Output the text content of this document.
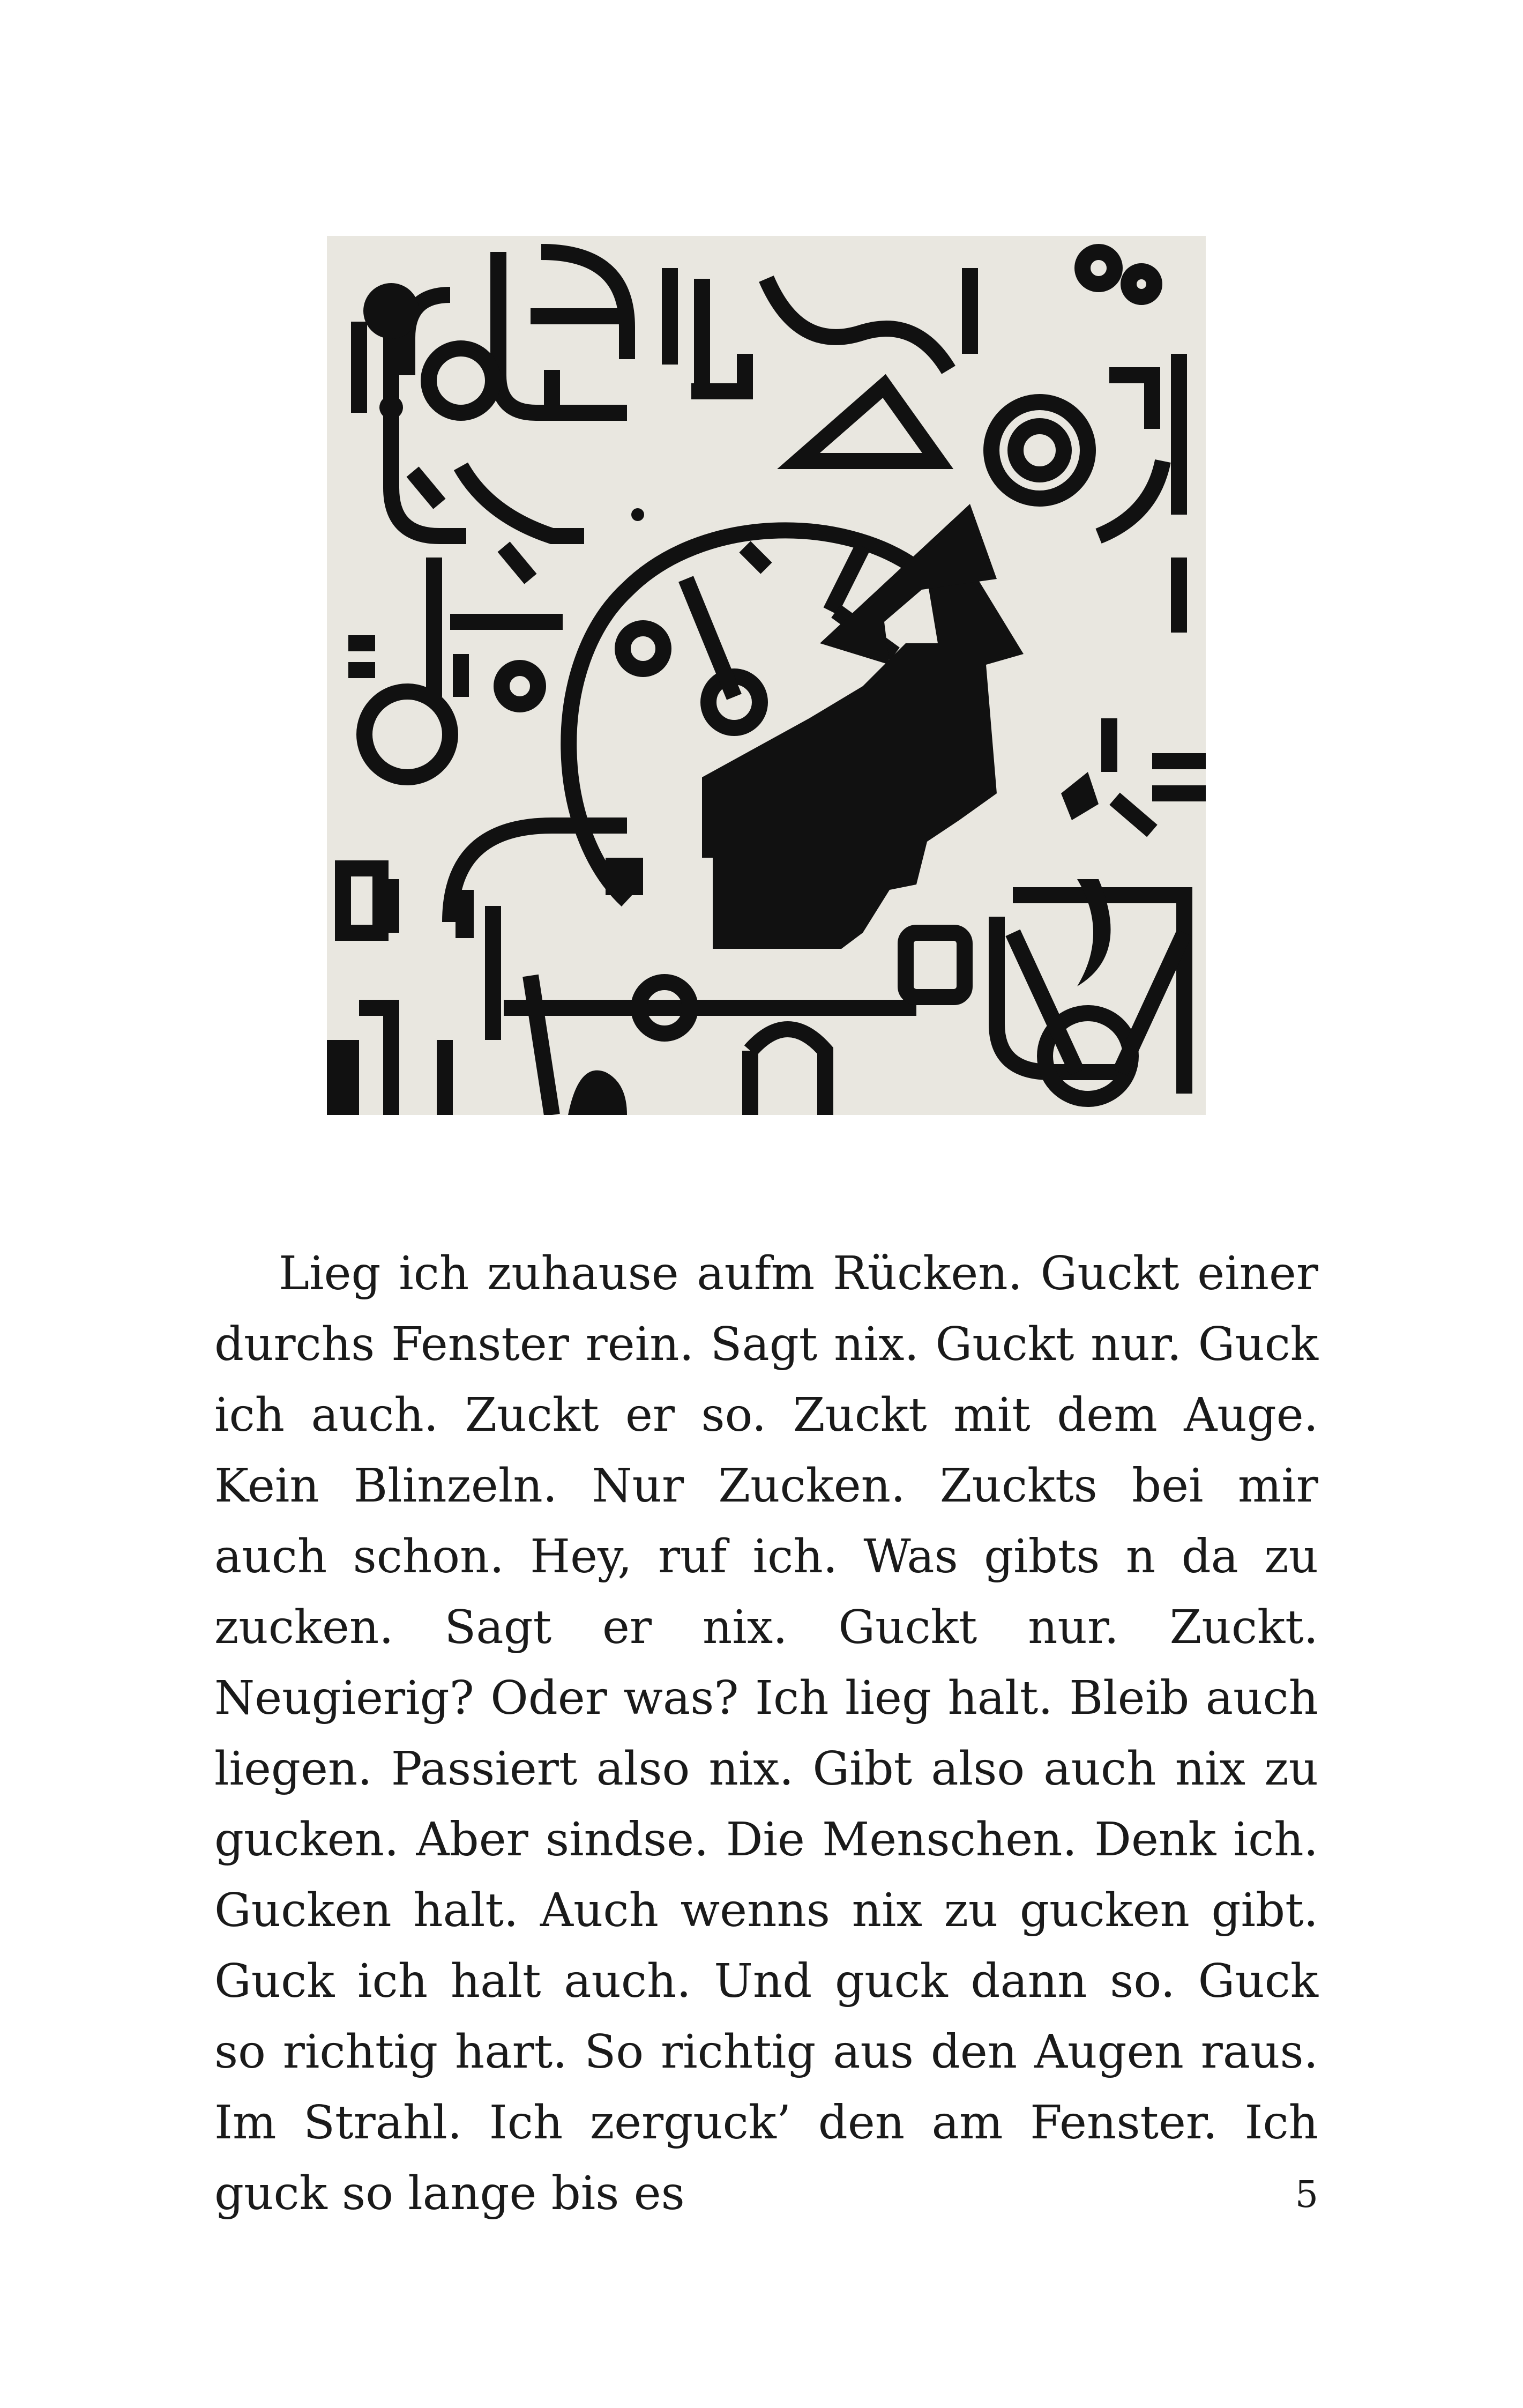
Lieg ich zuhause aufm Rücken. Guckt einer durchs Fenster rein. Sagt nix. Guckt nur. Guck ich auch. Zuckt er so. Zuckt mit dem Auge. Kein Blinzeln. Nur Zucken. Zuckts bei mir auch schon. Hey, ruf ich. Was gibts n da zu zucken. Sagt er nix. Guckt nur. Zuckt. Neugierig? Oder was? Ich lieg halt. Bleib auch liegen. Passiert also nix. Gibt also auch nix zu gucken. Aber sindse. Die Menschen. Denk ich. Gucken halt. Auch wenns nix zu gucken gibt. Guck ich halt auch. Und guck dann so. Guck so richtig hart. So richtig aus den Augen raus. Im Strahl. Ich zerguck’ den am Fenster. Ich guck so lange bis es	5
